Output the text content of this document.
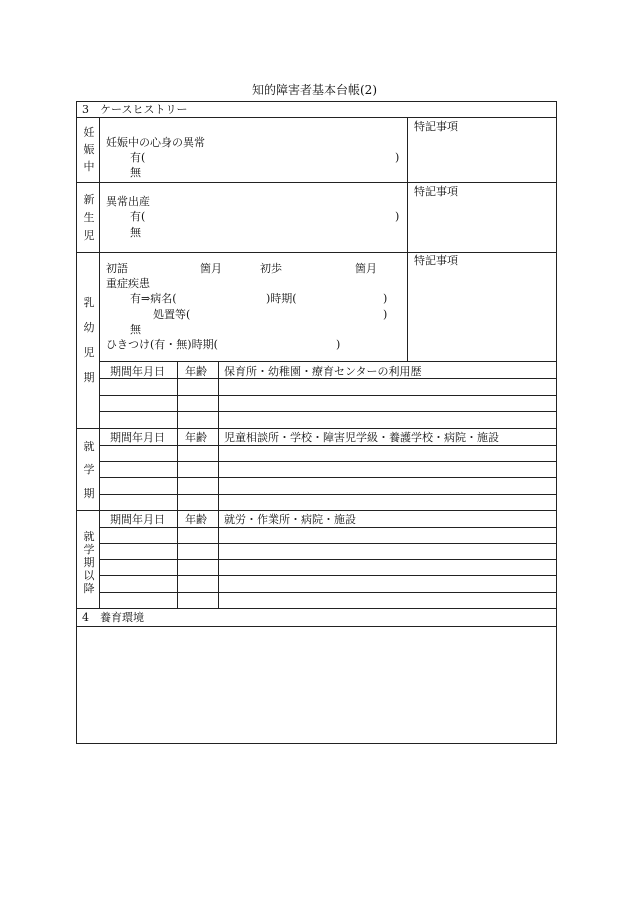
知的障害者基本台帳(2)
3　ケースヒストリー
妊
娠
中
妊娠中の心身の異常
有(	)
無
特記事項
新
生
児
異常出産
有(	)
無
特記事項
乳
幼
児
期
初語	箇月	初歩	箇月
重症疾患
有⇒病名(	)時期(	)
処置等(	)
無
ひきつけ(有・無)時期(	)
特記事項
期間年月日 年齢 保育所・幼稚園・療育センターの利用歴
就
学
期
期間年月日 年齢 児童相談所・学校・障害児学級・養護学校・病院・施設
就
学
期
以
降
期間年月日 年齢 就労・作業所・病院・施設
4　養育環境
